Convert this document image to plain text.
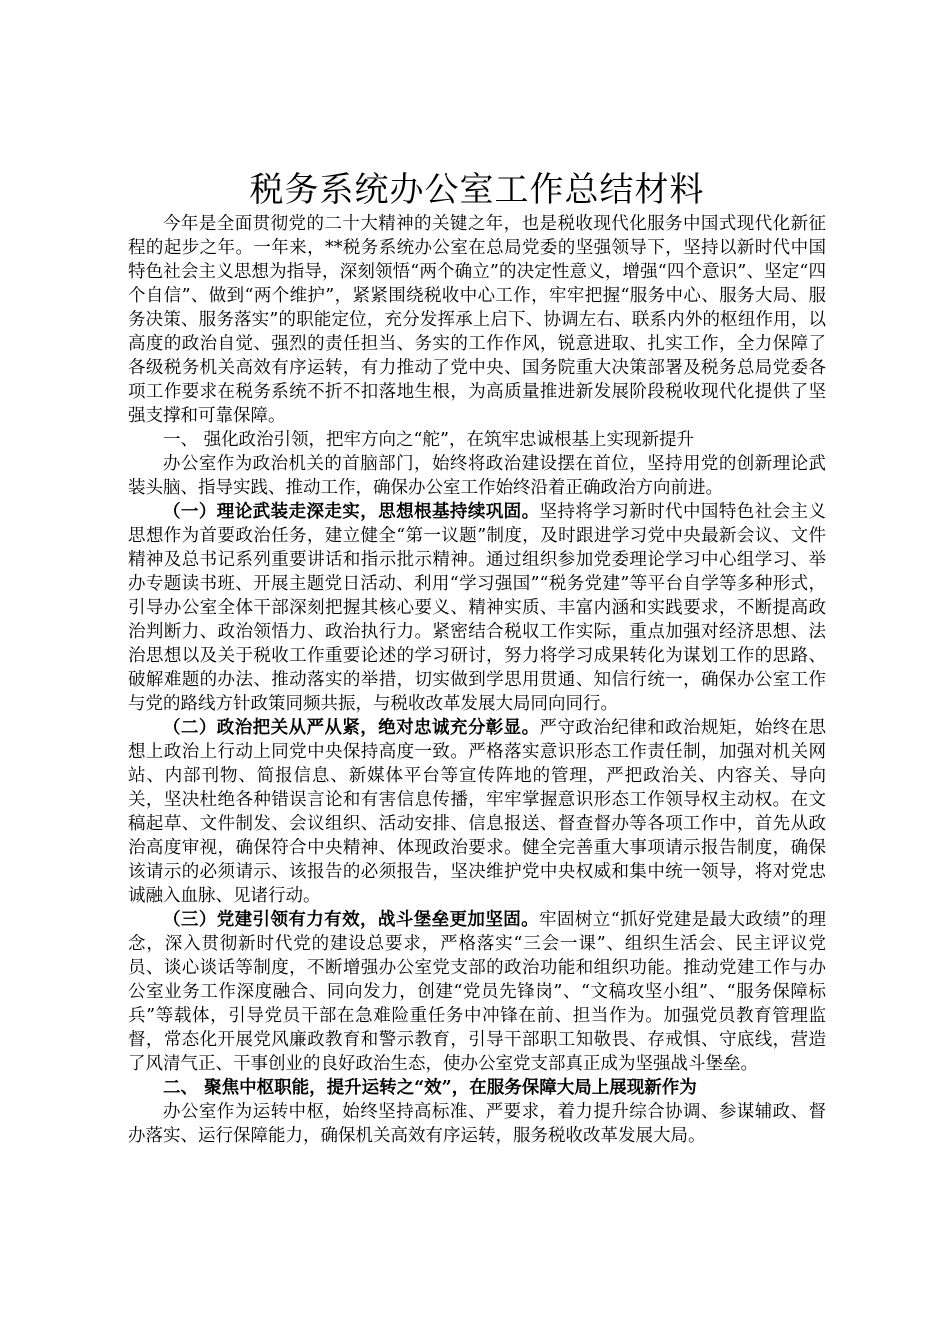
税务系统办公室工作总结材料

今年是全面贯彻党的二十大精神的关键之年，也是税收现代化服务中国式现代化新征程的起步之年。一年来，**税务系统办公室在总局党委的坚强领导下，坚持以新时代中国特色社会主义思想为指导，深刻领悟“两个确立”的决定性意义，增强“四个意识”、坚定“四个自信”、做到“两个维护”，紧紧围绕税收中心工作，牢牢把握“服务中心、服务大局、服务决策、服务落实”的职能定位，充分发挥承上启下、协调左右、联系内外的枢纽作用，以高度的政治自觉、强烈的责任担当、务实的工作作风，锐意进取、扎实工作，全力保障了各级税务机关高效有序运转，有力推动了党中央、国务院重大决策部署及税务总局党委各项工作要求在税务系统不折不扣落地生根，为高质量推进新发展阶段税收现代化提供了坚强支撑和可靠保障。

一、 强化政治引领，把牢方向之“舵”，在筑牢忠诚根基上实现新提升

办公室作为政治机关的首脑部门，始终将政治建设摆在首位，坚持用党的创新理论武装头脑、指导实践、推动工作，确保办公室工作始终沿着正确政治方向前进。

（一）理论武装走深走实，思想根基持续巩固。坚持将学习新时代中国特色社会主义思想作为首要政治任务，建立健全“第一议题”制度，及时跟进学习党中央最新会议、文件精神及总书记系列重要讲话和指示批示精神。通过组织参加党委理论学习中心组学习、举办专题读书班、开展主题党日活动、利用“学习强国”“税务党建”等平台自学等多种形式，引导办公室全体干部深刻把握其核心要义、精神实质、丰富内涵和实践要求，不断提高政治判断力、政治领悟力、政治执行力。紧密结合税収工作实际，重点加强对经济思想、法治思想以及关于税收工作重要论述的学习研讨，努力将学习成果转化为谋划工作的思路、破解难题的办法、推动落实的举措，切实做到学思用贯通、知信行统一，确保办公室工作与党的路线方针政策同频共振，与税收改革发展大局同向同行。

（二）政治把关从严从紧，绝对忠诚充分彰显。严守政治纪律和政治规矩，始终在思想上政治上行动上同党中央保持高度一致。严格落实意识形态工作责任制，加强对机关网站、内部刊物、简报信息、新媒体平台等宣传阵地的管理，严把政治关、内容关、导向关，坚决杜绝各种错误言论和有害信息传播，牢牢掌握意识形态工作领导权主动权。在文稿起草、文件制发、会议组织、活动安排、信息报送、督查督办等各项工作中，首先从政治高度审视，确保符合中央精神、体现政治要求。健全完善重大事项请示报告制度，确保该请示的必须请示、该报告的必须报告，坚决维护党中央权威和集中统一领导，将对党忠诚融入血脉、见诸行动。

（三）党建引领有力有效，战斗堡垒更加坚固。牢固树立“抓好党建是最大政绩”的理念，深入贯彻新时代党的建设总要求，严格落实“三会一课”、组织生活会、民主评议党员、谈心谈话等制度，不断增强办公室党支部的政治功能和组织功能。推动党建工作与办公室业务工作深度融合、同向发力，创建“党员先锋岗”、“文稿攻坚小组”、“服务保障标兵”等载体，引导党员干部在急难险重任务中冲锋在前、担当作为。加强党员教育管理监督，常态化开展党风廉政教育和警示教育，引导干部职工知敬畏、存戒惧、守底线，营造了风清气正、干事创业的良好政治生态，使办公室党支部真正成为坚强战斗堡垒。

二、 聚焦中枢职能，提升运转之“效”，在服务保障大局上展现新作为

办公室作为运转中枢，始终坚持高标准、严要求，着力提升综合协调、参谋辅政、督办落实、运行保障能力，确保机关高效有序运转，服务税收改革发展大局。
